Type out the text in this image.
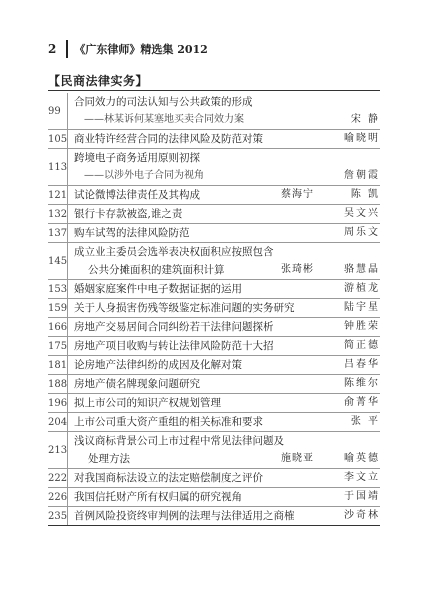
2 《广东律师》精选集 2012
【民商法律实务】
99
合同效力的司法认知与公共政策的形成
——林某诉何某塞地买卖合同效力案	宋 静
105 商业特许经营合同的法律风险及防范对策	喻晓明
113
跨境电子商务适用原则初探
——以涉外电子合同为视角	詹朝霞
121 试论微博法律责任及其构成	蔡海宁	陈 凯
132 银行卡存款被盗,谁之责	吴文兴
137 购车试驾的法律风险防范	周乐文
145
成立业主委员会选举表决权面积应按照包含
公共分摊面积的建筑面积计算	张琦彬	骆慧晶
153 婚姻家庭案件中电子数据证据的运用	游植龙
159 关于人身损害伤残等级鉴定标准问题的实务研究	陆宇星
166 房地产交易居间合同纠纷若干法律问题探析	钟胜荣
175 房地产项目收购与转让法律风险防范十大招	简正德
181 论房地产法律纠纷的成因及化解对策	吕春华
188 房地产债名牌现象问题研究	陈维尔
196 拟上市公司的知识产权规划管理	俞菁华
204 上市公司重大资产重组的相关标准和要求	张 平
213
浅议商标背景公司上市过程中常见法律问题及
处理方法	施晓亚	喻英德
222 对我国商标法设立的法定赔偿制度之评价	李文立
226 我国信托财产所有权归属的研究视角	于国靖
235 首例风险投资终审判例的法理与法律适用之商榷	沙奇林
